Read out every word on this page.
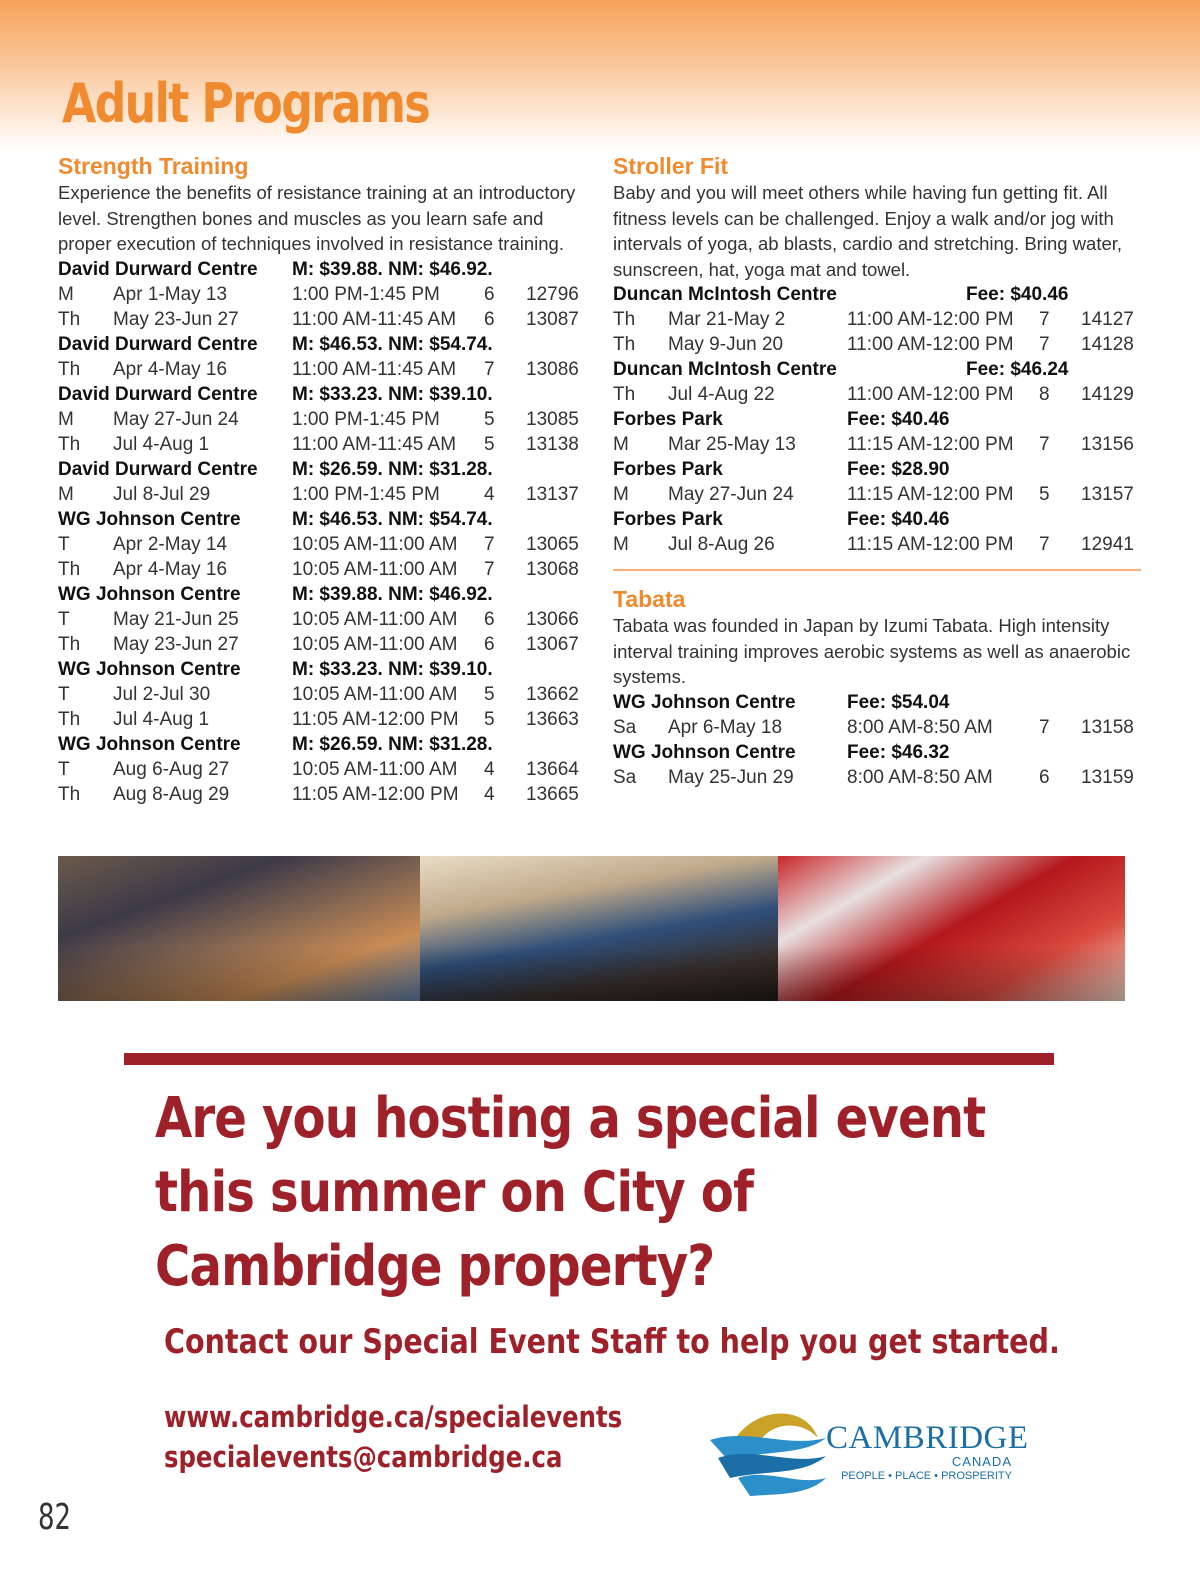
Adult Programs
Strength Training
Experience the benefits of resistance training at an introductory level. Strengthen bones and muscles as you learn safe and proper execution of techniques involved in resistance training.
David Durward Centre M: $39.88. NM: $46.92.
M Apr 1-May 13	1:00 PM-1:45 PM 6 12796
Th May 23-Jun 27	11:00 AM-11:45 AM 6 13087
David Durward Centre M: $46.53. NM: $54.74.
Th Apr 4-May 16	11:00 AM-11:45 AM 7 13086
David Durward Centre M: $33.23. NM: $39.10.
M May 27-Jun 24	1:00 PM-1:45 PM 5 13085
Th Jul 4-Aug 1	11:00 AM-11:45 AM 5 13138
David Durward Centre M: $26.59. NM: $31.28.
M Jul 8-Jul 29	1:00 PM-1:45 PM 4 13137
WG Johnson Centre	M: $46.53. NM: $54.74.
T Apr 2-May 14	10:05 AM-11:00 AM 7 13065
Th Apr 4-May 16	10:05 AM-11:00 AM 7 13068
WG Johnson Centre	M: $39.88. NM: $46.92.
T May 21-Jun 25	10:05 AM-11:00 AM 6 13066
Th May 23-Jun 27	10:05 AM-11:00 AM 6 13067
WG Johnson Centre	M: $33.23. NM: $39.10.
T Jul 2-Jul 30	10:05 AM-11:00 AM 5 13662
Th Jul 4-Aug 1	11:05 AM-12:00 PM 5 13663
WG Johnson Centre	M: $26.59. NM: $31.28.
T Aug 6-Aug 27	10:05 AM-11:00 AM 4 13664
Th Aug 8-Aug 29	11:05 AM-12:00 PM 4 13665
Stroller Fit
Baby and you will meet others while having fun getting fit. All fitness levels can be challenged. Enjoy a walk and/or jog with intervals of yoga, ab blasts, cardio and stretching. Bring water, sunscreen, hat, yoga mat and towel.
Duncan McIntosh Centre	Fee: $40.46
Th Mar 21-May 2	11:00 AM-12:00 PM 7 14127
Th May 9-Jun 20	11:00 AM-12:00 PM 7 14128
Duncan McIntosh Centre	Fee: $46.24
Th Jul 4-Aug 22	11:00 AM-12:00 PM 8 14129
Forbes Park	Fee: $40.46
M Mar 25-May 13	11:15 AM-12:00 PM 7 13156
Forbes Park	Fee: $28.90
M May 27-Jun 24	11:15 AM-12:00 PM 5 13157
Forbes Park	Fee: $40.46
M Jul 8-Aug 26	11:15 AM-12:00 PM 7 12941
Tabata
Tabata was founded in Japan by Izumi Tabata. High intensity interval training improves aerobic systems as well as anaerobic systems.
WG Johnson Centre	Fee: $54.04
Sa Apr 6-May 18	8:00 AM-8:50 AM 7 13158
WG Johnson Centre	Fee: $46.32
Sa May 25-Jun 29	8:00 AM-8:50 AM 6 13159
Are you hosting a special event this summer on City of Cambridge property?
Contact our Special Event Staff to help you get started.
www.cambridge.ca/specialevents
specialevents@cambridge.ca
CAMBRIDGE
CANADA
PEOPLE • PLACE • PROSPERITY
82
